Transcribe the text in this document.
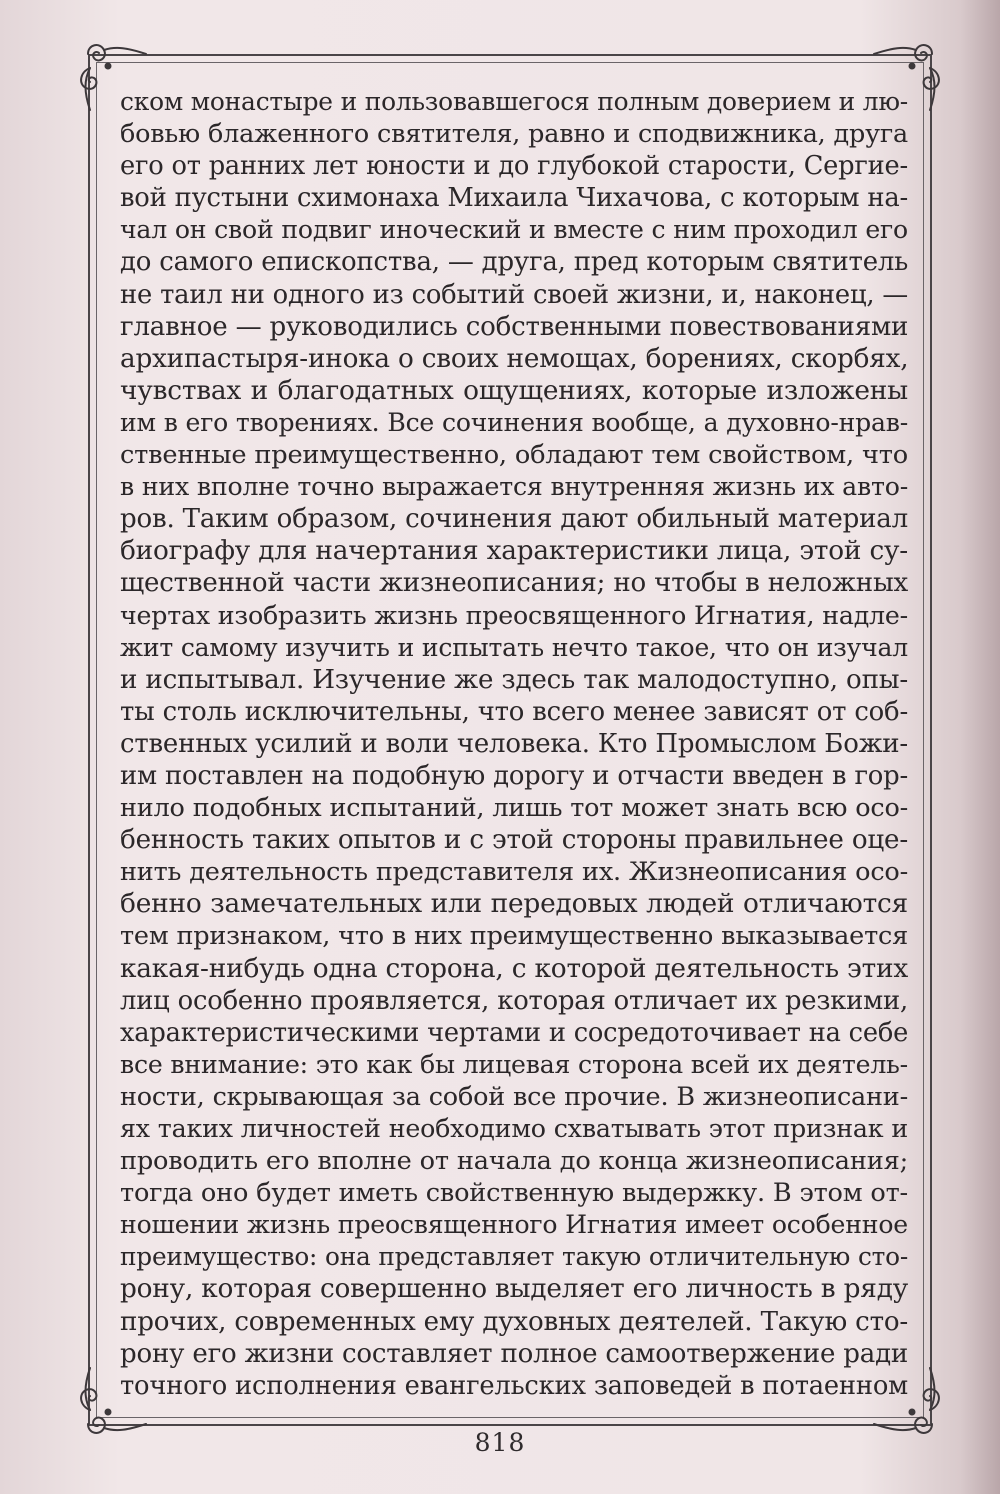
ском монастыре и пользовавшегося полным доверием и лю-
бовью блаженного святителя, равно и сподвижника, друга
его от ранних лет юности и до глубокой старости, Сергие-
вой пустыни схимонаха Михаила Чихачова, с которым на-
чал он свой подвиг иноческий и вместе с ним проходил его
до самого епископства, — друга, пред которым святитель
не таил ни одного из событий своей жизни, и, наконец, —
главное — руководились собственными повествованиями
архипастыря-инока о своих немощах, борениях, скорбях,
чувствах и благодатных ощущениях, которые изложены
им в его творениях. Все сочинения вообще, а духовно-нрав-
ственные преимущественно, обладают тем свойством, что
в них вполне точно выражается внутренняя жизнь их авто-
ров. Таким образом, сочинения дают обильный материал
биографу для начертания характеристики лица, этой су-
щественной части жизнеописания; но чтобы в неложных
чертах изобразить жизнь преосвященного Игнатия, надле-
жит самому изучить и испытать нечто такое, что он изучал
и испытывал. Изучение же здесь так малодоступно, опы-
ты столь исключительны, что всего менее зависят от соб-
ственных усилий и воли человека. Кто Промыслом Божи-
им поставлен на подобную дорогу и отчасти введен в гор-
нило подобных испытаний, лишь тот может знать всю осо-
бенность таких опытов и с этой стороны правильнее оце-
нить деятельность представителя их. Жизнеописания осо-
бенно замечательных или передовых людей отличаются
тем признаком, что в них преимущественно выказывается
какая-нибудь одна сторона, с которой деятельность этих
лиц особенно проявляется, которая отличает их резкими,
характеристическими чертами и сосредоточивает на себе
все внимание: это как бы лицевая сторона всей их деятель-
ности, скрывающая за собой все прочие. В жизнеописани-
ях таких личностей необходимо схватывать этот признак и
проводить его вполне от начала до конца жизнеописания;
тогда оно будет иметь свойственную выдержку. В этом от-
ношении жизнь преосвященного Игнатия имеет особенное
преимущество: она представляет такую отличительную сто-
рону, которая совершенно выделяет его личность в ряду
прочих, современных ему духовных деятелей. Такую сто-
рону его жизни составляет полное самоотвержение ради
точного исполнения евангельских заповедей в потаенном
818
